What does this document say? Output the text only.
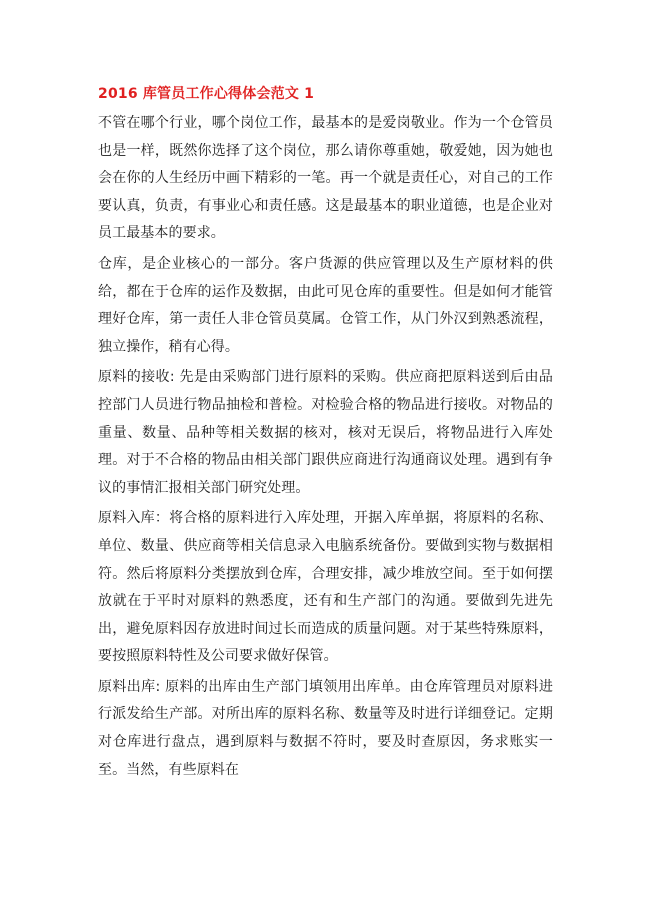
2016 库管员工作心得体会范文 1

不管在哪个行业，哪个岗位工作，最基本的是爱岗敬业。作为一个仓管员也是一样，既然你选择了这个岗位，那么请你尊重她，敬爱她，因为她也会在你的人生经历中画下精彩的一笔。再一个就是责任心，对自己的工作要认真，负责，有事业心和责任感。这是最基本的职业道德，也是企业对员工最基本的要求。

仓库，是企业核心的一部分。客户货源的供应管理以及生产原材料的供给，都在于仓库的运作及数据，由此可见仓库的重要性。但是如何才能管理好仓库，第一责任人非仓管员莫属。仓管工作，从门外汉到熟悉流程，独立操作，稍有心得。

原料的接收: 先是由采购部门进行原料的采购。供应商把原料送到后由品控部门人员进行物品抽检和普检。对检验合格的物品进行接收。对物品的重量、数量、品种等相关数据的核对，核对无误后，将物品进行入库处理。对于不合格的物品由相关部门跟供应商进行沟通商议处理。遇到有争议的事情汇报相关部门研究处理。

原料入库：将合格的原料进行入库处理，开据入库单据，将原料的名称、单位、数量、供应商等相关信息录入电脑系统备份。要做到实物与数据相符。然后将原料分类摆放到仓库，合理安排，减少堆放空间。至于如何摆放就在于平时对原料的熟悉度，还有和生产部门的沟通。要做到先进先出，避免原料因存放进时间过长而造成的质量问题。对于某些特殊原料，要按照原料特性及公司要求做好保管。

原料出库: 原料的出库由生产部门填领用出库单。由仓库管理员对原料进行派发给生产部。对所出库的原料名称、数量等及时进行详细登记。定期对仓库进行盘点，遇到原料与数据不符时，要及时查原因，务求账实一至。当然，有些原料在
